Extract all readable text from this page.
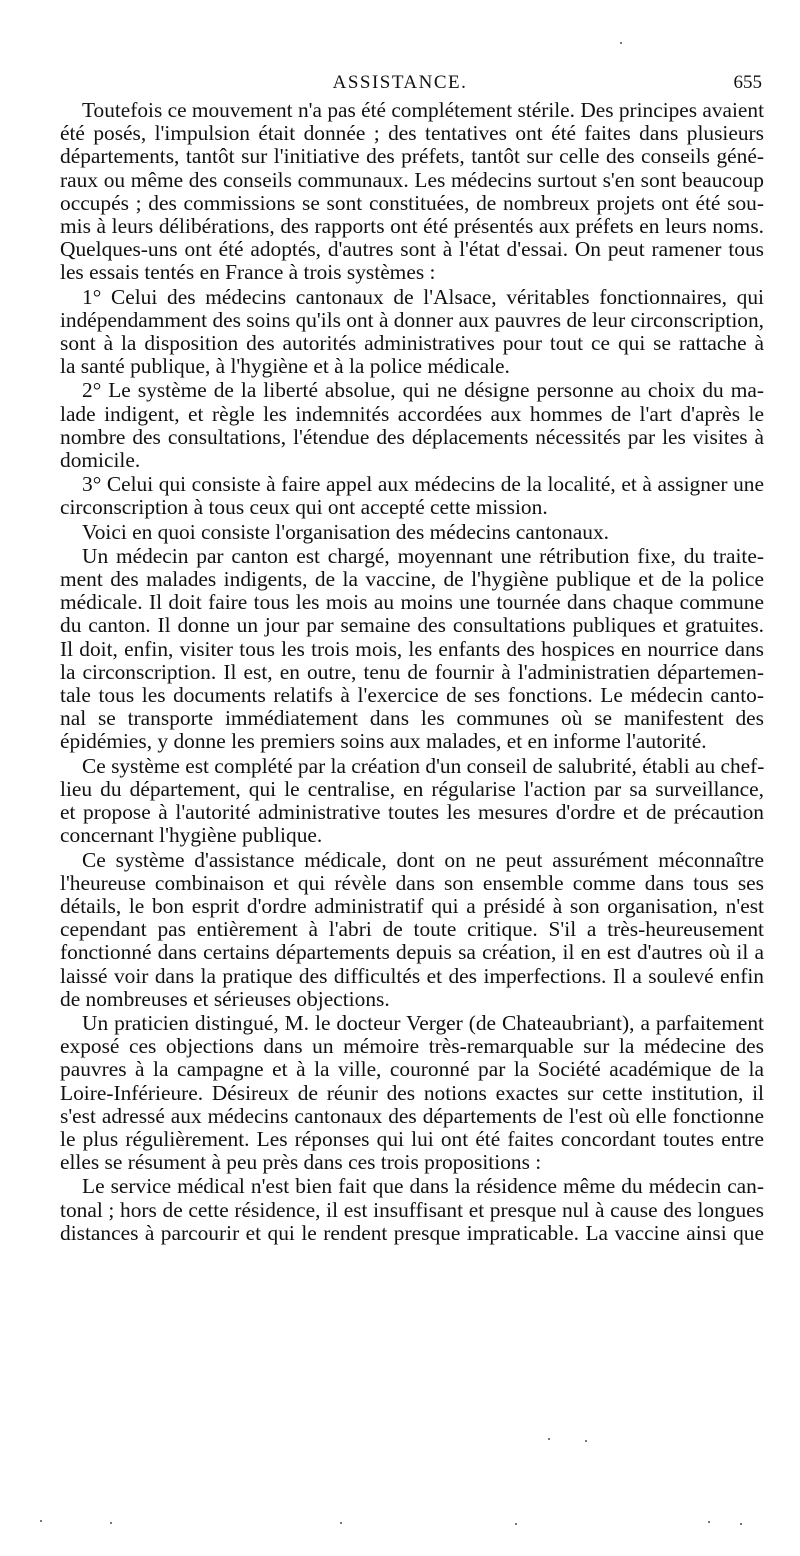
ASSISTANCE.	655
Toutefois ce mouvement n'a pas été complétement stérile. Des principes avaient
été posés, l'impulsion était donnée ; des tentatives ont été faites dans plusieurs
départements, tantôt sur l'initiative des préfets, tantôt sur celle des conseils géné-
raux ou même des conseils communaux. Les médecins surtout s'en sont beaucoup
occupés ; des commissions se sont constituées, de nombreux projets ont été sou-
mis à leurs délibérations, des rapports ont été présentés aux préfets en leurs noms.
Quelques-uns ont été adoptés, d'autres sont à l'état d'essai. On peut ramener tous
les essais tentés en France à trois systèmes :
1° Celui des médecins cantonaux de l'Alsace, véritables fonctionnaires, qui
indépendamment des soins qu'ils ont à donner aux pauvres de leur circonscription,
sont à la disposition des autorités administratives pour tout ce qui se rattache à
la santé publique, à l'hygiène et à la police médicale.
2° Le système de la liberté absolue, qui ne désigne personne au choix du ma-
lade indigent, et règle les indemnités accordées aux hommes de l'art d'après le
nombre des consultations, l'étendue des déplacements nécessités par les visites à
domicile.
3° Celui qui consiste à faire appel aux médecins de la localité, et à assigner une
circonscription à tous ceux qui ont accepté cette mission.
Voici en quoi consiste l'organisation des médecins cantonaux.
Un médecin par canton est chargé, moyennant une rétribution fixe, du traite-
ment des malades indigents, de la vaccine, de l'hygiène publique et de la police
médicale. Il doit faire tous les mois au moins une tournée dans chaque commune
du canton. Il donne un jour par semaine des consultations publiques et gratuites.
Il doit, enfin, visiter tous les trois mois, les enfants des hospices en nourrice dans
la circonscription. Il est, en outre, tenu de fournir à l'administratien départemen-
tale tous les documents relatifs à l'exercice de ses fonctions. Le médecin canto-
nal se transporte immédiatement dans les communes où se manifestent des
épidémies, y donne les premiers soins aux malades, et en informe l'autorité.
Ce système est complété par la création d'un conseil de salubrité, établi au chef-
lieu du département, qui le centralise, en régularise l'action par sa surveillance,
et propose à l'autorité administrative toutes les mesures d'ordre et de précaution
concernant l'hygiène publique.
Ce système d'assistance médicale, dont on ne peut assurément méconnaître
l'heureuse combinaison et qui révèle dans son ensemble comme dans tous ses
détails, le bon esprit d'ordre administratif qui a présidé à son organisation, n'est
cependant pas entièrement à l'abri de toute critique. S'il a très-heureusement
fonctionné dans certains départements depuis sa création, il en est d'autres où il a
laissé voir dans la pratique des difficultés et des imperfections. Il a soulevé enfin
de nombreuses et sérieuses objections.
Un praticien distingué, M. le docteur Verger (de Chateaubriant), a parfaitement
exposé ces objections dans un mémoire très-remarquable sur la médecine des
pauvres à la campagne et à la ville, couronné par la Société académique de la
Loire-Inférieure. Désireux de réunir des notions exactes sur cette institution, il
s'est adressé aux médecins cantonaux des départements de l'est où elle fonctionne
le plus régulièrement. Les réponses qui lui ont été faites concordant toutes entre
elles se résument à peu près dans ces trois propositions :
Le service médical n'est bien fait que dans la résidence même du médecin can-
tonal ; hors de cette résidence, il est insuffisant et presque nul à cause des longues
distances à parcourir et qui le rendent presque impraticable. La vaccine ainsi que
